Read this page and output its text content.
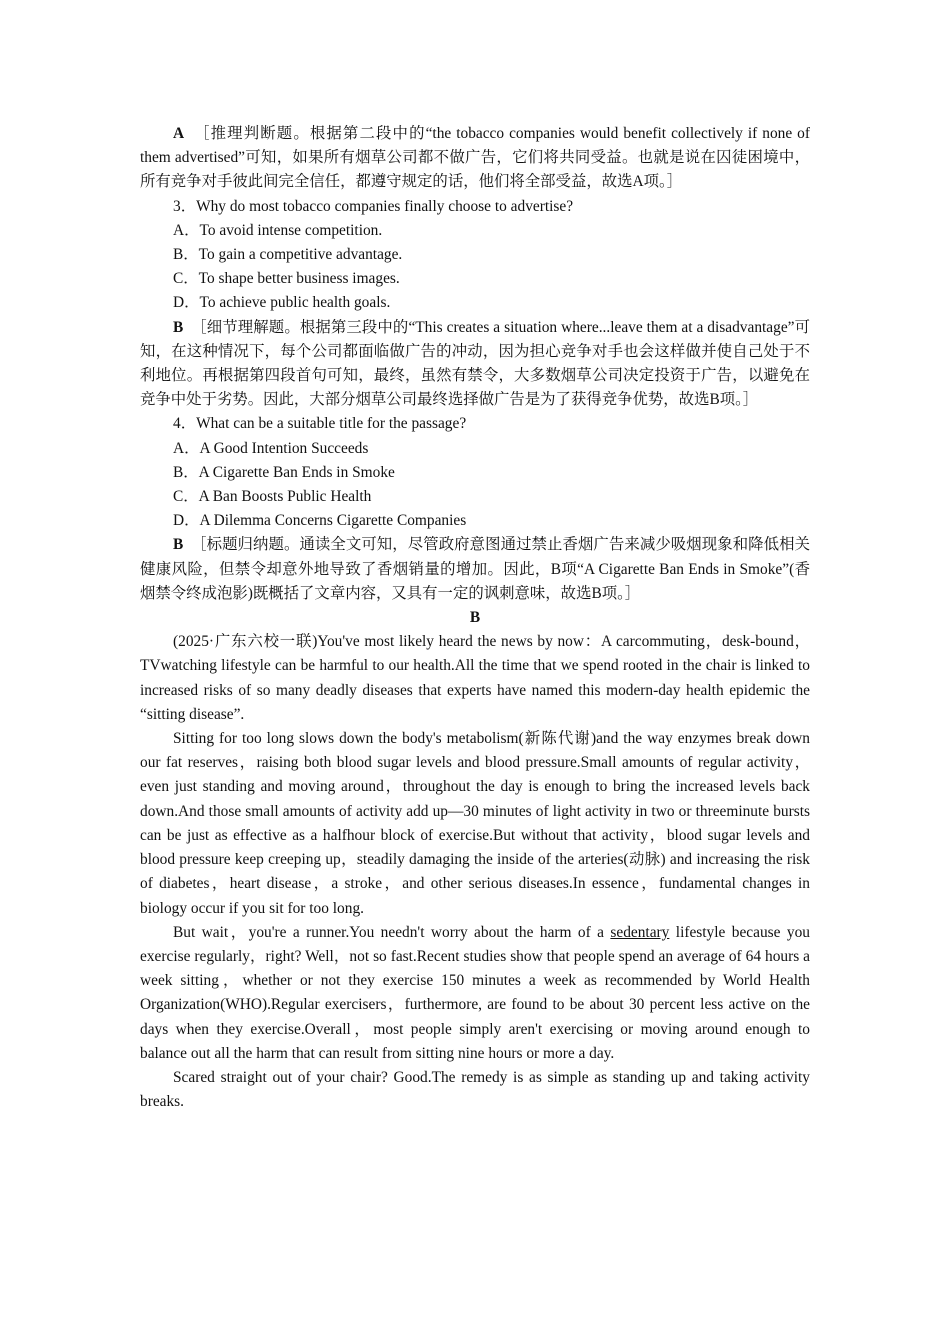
A　 ［推理判断题。根据第二段中的“the tobacco companies would benefit collectively if none of them advertised”可知，如果所有烟草公司都不做广告，它们将共同受益。也就是说在囚徒困境中，所有竞争对手彼此间完全信任，都遵守规定的话，他们将全部受益，故选A项。］

3．Why do most tobacco companies finally choose to advertise?

A．To avoid intense competition.

B．To gain a competitive advantage.

C．To shape better business images.

D．To achieve public health goals.

B　 ［细节理解题。根据第三段中的“This creates a situation where...leave them at a disadvantage”可知，在这种情况下，每个公司都面临做广告的冲动，因为担心竞争对手也会这样做并使自己处于不利地位。再根据第四段首句可知，最终，虽然有禁令，大多数烟草公司决定投资于广告，以避免在竞争中处于劣势。因此，大部分烟草公司最终选择做广告是为了获得竞争优势，故选B项。］

4．What can be a suitable title for the passage?

A．A Good Intention Succeeds

B．A Cigarette Ban Ends in Smoke

C．A Ban Boosts Public Health

D．A Dilemma Concerns Cigarette Companies

B　 ［标题归纳题。通读全文可知，尽管政府意图通过禁止香烟广告来减少吸烟现象和降低相关健康风险，但禁令却意外地导致了香烟销量的增加。因此，B项“A Cigarette Ban Ends in Smoke”(香烟禁令终成泡影)既概括了文章内容，又具有一定的讽刺意味，故选B项。］

B

(2025·广东六校一联)You've most likely heard the news by now：A carcommuting，desk-bound，TVwatching lifestyle can be harmful to our health.All the time that we spend rooted in the chair is linked to increased risks of so many deadly diseases that experts have named this modern-day health epidemic the “sitting disease”.

Sitting for too long slows down the body's metabolism(新陈代谢)and the way enzymes break down our fat reserves，raising both blood sugar levels and blood pressure.Small amounts of regular activity，even just standing and moving around，throughout the day is enough to bring the increased levels back down.And those small amounts of activity add up—30 minutes of light activity in two or threeminute bursts can be just as effective as a halfhour block of exercise.But without that activity，blood sugar levels and blood pressure keep creeping up，steadily damaging the inside of the arteries(动脉) and increasing the risk of diabetes，heart disease，a stroke，and other serious diseases.In essence，fundamental changes in biology occur if you sit for too long.

But wait，you're a runner.You needn't worry about the harm of a sedentary lifestyle because you exercise regularly，right? Well，not so fast.Recent studies show that people spend an average of 64 hours a week sitting，whether or not they exercise 150 minutes a week as recommended by World Health Organization(WHO).Regular exercisers，furthermore, are found to be about 30 percent less active on the days when they exercise.Overall，most people simply aren't exercising or moving around enough to balance out all the harm that can result from sitting nine hours or more a day.

Scared straight out of your chair? Good.The remedy is as simple as standing up and taking activity breaks.
